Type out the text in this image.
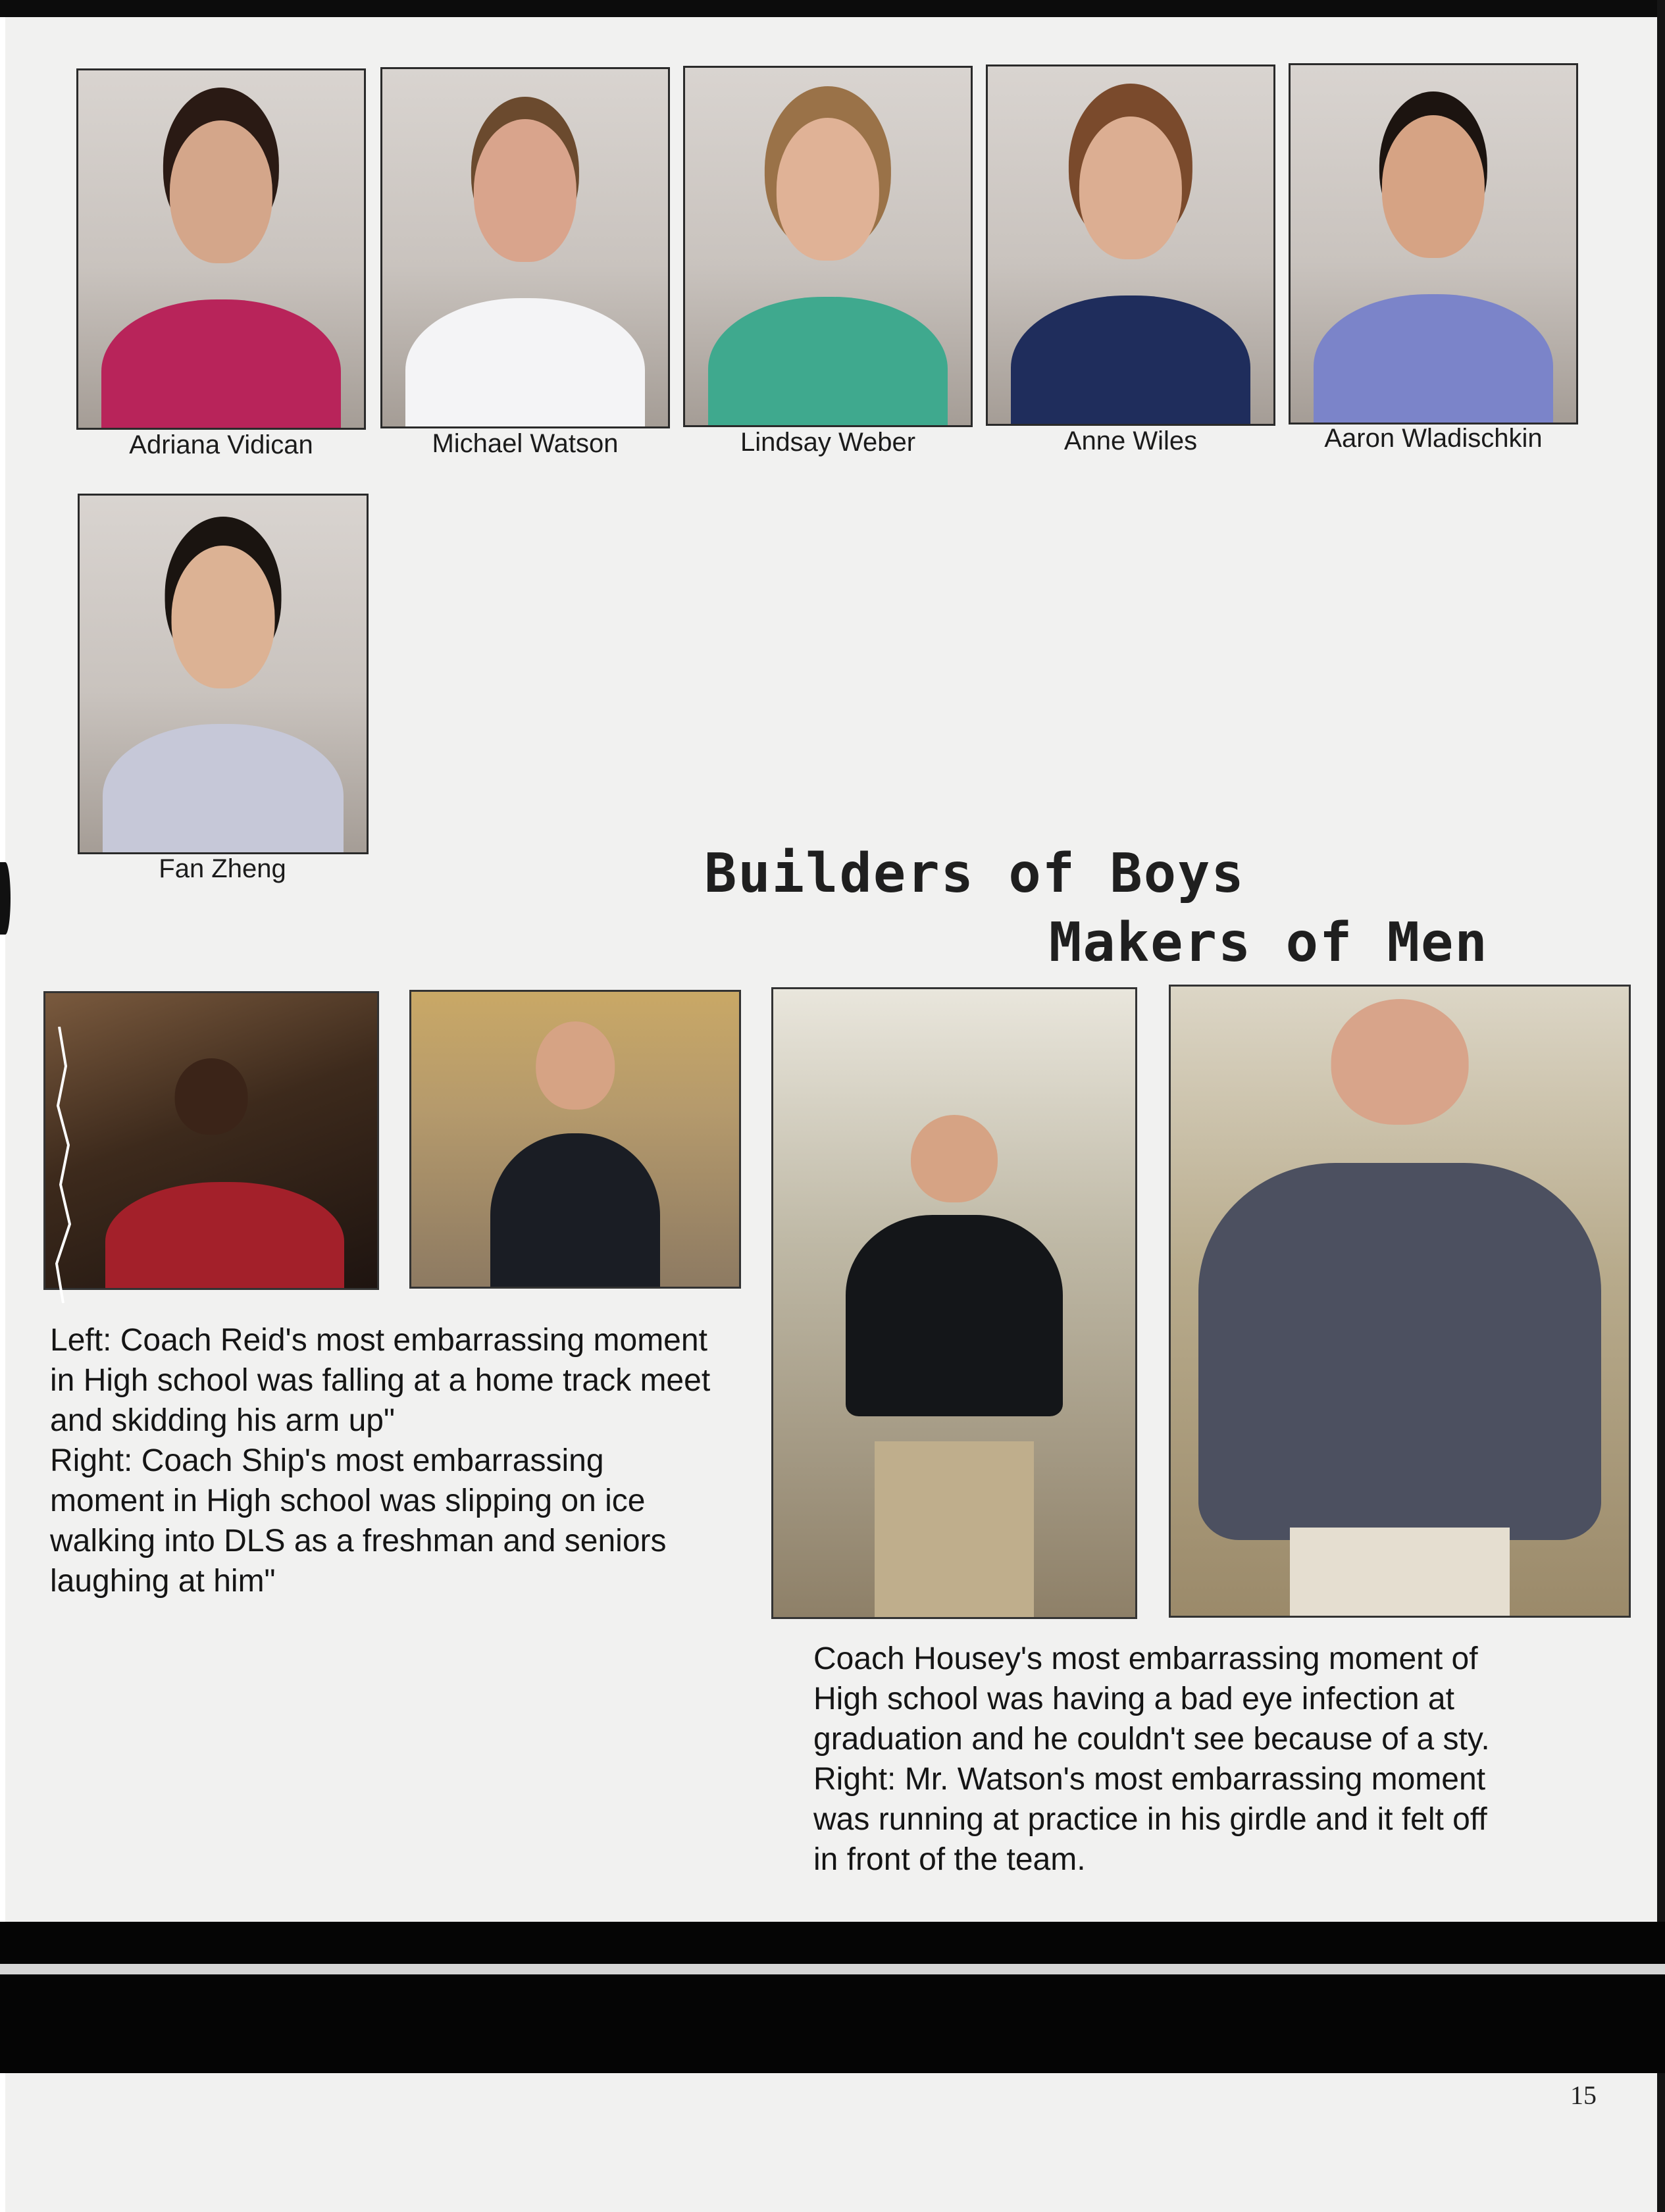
Adriana Vidican	Michael Watson	Lindsay Weber	Anne Wiles	Aaron Wladischkin
Fan Zheng	Builders of Boys
Makers of Men

Left: Coach Reid's most embarrassing moment

in High school was falling at a home track meet

and skidding his arm up"

Right: Coach Ship's most embarrassing

moment in High school was slipping on ice

walking into DLS as a freshman and seniors

laughing at him"

Coach Housey's most embarrassing moment of

High school was having a bad eye infection at

graduation and he couldn't see because of a sty.

Right: Mr. Watson's most embarrassing moment

was running at practice in his girdle and it felt off

in front of the team.

15
